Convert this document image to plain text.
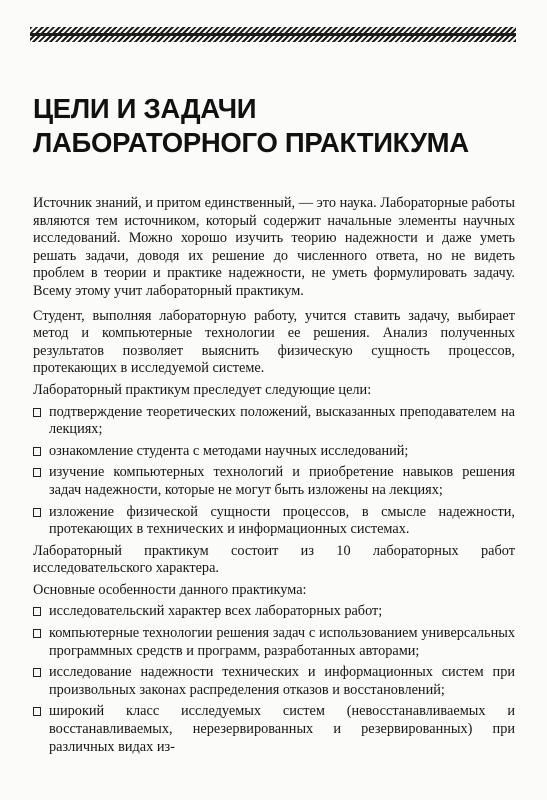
ЦЕЛИ И ЗАДАЧИ
ЛАБОРАТОРНОГО ПРАКТИКУМА

Источник знаний, и притом единственный, — это наука. Лабораторные работы являются тем источником, который содержит начальные элементы научных исследований. Можно хорошо изучить теорию надежности и даже уметь решать задачи, доводя их решение до численного ответа, но не видеть проблем в теории и практике надежности, не уметь формулировать задачу. Всему этому учит лабораторный практикум.

Студент, выполняя лабораторную работу, учится ставить задачу, выбирает метод и компьютерные технологии ее решения. Анализ полученных результатов позволяет выяснить физическую сущность процессов, протекающих в исследуемой системе.

Лабораторный практикум преследует следующие цели:

подтверждение теоретических положений, высказанных преподавателем на лекциях;
ознакомление студента с методами научных исследований;
изучение компьютерных технологий и приобретение навыков решения задач надежности, которые не могут быть изложены на лекциях;
изложение физической сущности процессов, в смысле надежности, протекающих в технических и информационных системах.

Лабораторный практикум состоит из 10 лабораторных работ исследовательского характера.

Основные особенности данного практикума:

исследовательский характер всех лабораторных работ;
компьютерные технологии решения задач с использованием универсальных программных средств и программ, разработанных авторами;
исследование надежности технических и информационных систем при произвольных законах распределения отказов и восстановлений;
широкий класс исследуемых систем (невосстанавливаемых и восстанавливаемых, нерезервированных и резервированных) при различных видах из-
